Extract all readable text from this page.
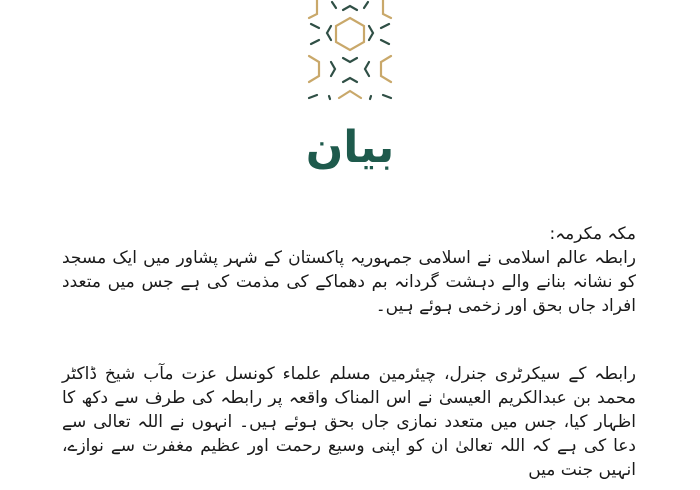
بیان

مکہ مکرمہ:

رابطہ عالم اسلامی نے اسلامی جمہوریہ پاکستان کے شہر پشاور میں ایک مسجد کو نشانہ بنانے والے دہشت گردانہ بم دھماکے کی مذمت کی ہے جس میں متعدد افراد جاں بحق اور زخمی ہوئے ہیں۔

رابطہ کے سیکرٹری جنرل، چیئرمین مسلم علماء کونسل عزت مآب شیخ ڈاکٹر محمد بن عبدالکریم العیسیٰ نے اس المناک واقعہ پر رابطہ کی طرف سے دکھ کا اظہار کیا، جس میں متعدد نمازی جاں بحق ہوئے ہیں۔ انہوں نے اللہ تعالی سے دعا کی ہے کہ اللہ تعالیٰ ان کو اپنی وسیع رحمت اور عظیم مغفرت سے نوازے، انہیں جنت میں
